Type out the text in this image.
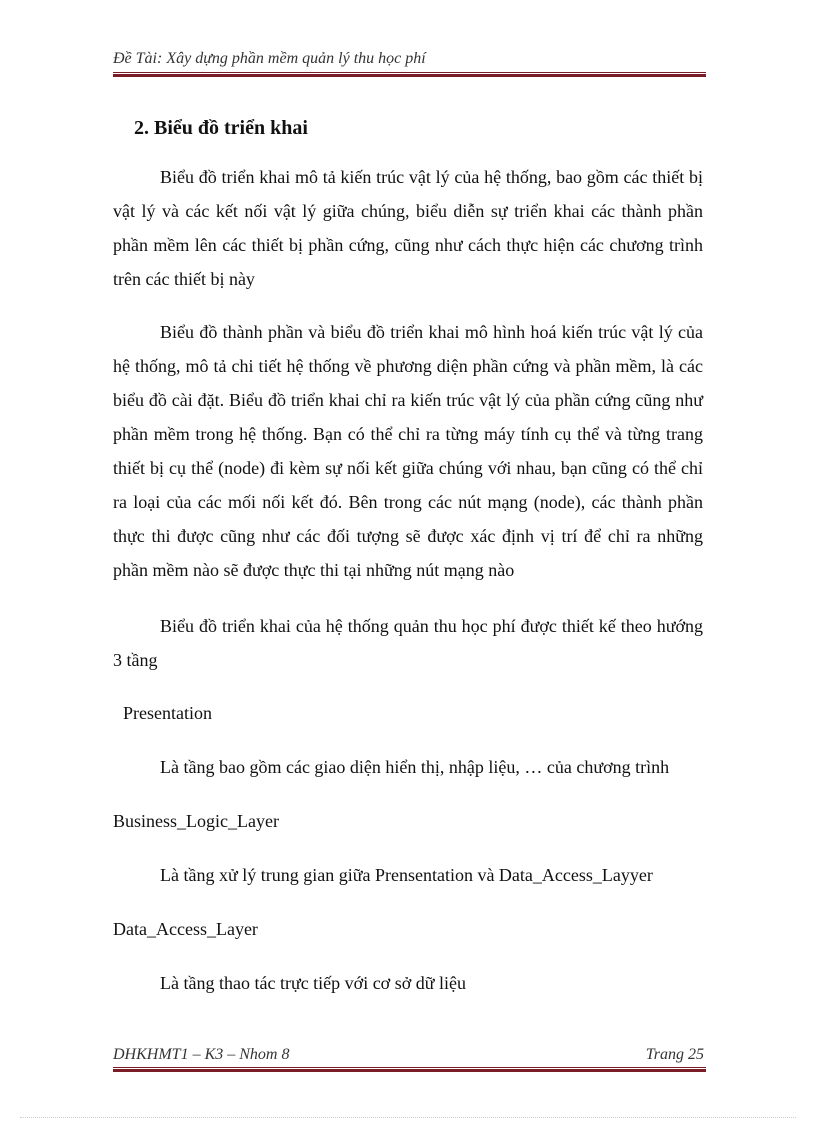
Đề Tài: Xây dựng phần mềm quản lý thu học phí
2. Biểu đồ triển khai

Biểu đồ triển khai mô tả kiến trúc vật lý của hệ thống, bao gồm các thiết bị vật lý và các kết nối vật lý giữa chúng, biểu diễn sự triển khai các thành phần phần mềm lên các thiết bị phần cứng, cũng như cách thực hiện các chương trình trên các thiết bị này

Biểu đồ thành phần và biểu đồ triển khai mô hình hoá kiến trúc vật lý của hệ thống, mô tả chi tiết hệ thống về phương diện phần cứng và phần mềm, là các biểu đồ cài đặt. Biểu đồ triển khai chỉ ra kiến trúc vật lý của phần cứng cũng như phần mềm trong hệ thống. Bạn có thể chỉ ra từng máy tính cụ thể và từng trang thiết bị cụ thể (node) đi kèm sự nối kết giữa chúng với nhau, bạn cũng có thể chỉ ra loại của các mối nối kết đó. Bên trong các nút mạng (node), các thành phần thực thi được cũng như các đối tượng sẽ được xác định vị trí để chỉ ra những phần mềm nào sẽ được thực thi tại những nút mạng nào

Biểu đồ triển khai của hệ thống quản thu học phí được thiết kế theo hướng 3 tầng

Presentation
Là tầng bao gồm các giao diện hiển thị, nhập liệu, … của chương trình
Business_Logic_Layer
Là tầng xử lý trung gian giữa Prensentation và Data_Access_Layyer
Data_Access_Layer
Là tầng thao tác trực tiếp với cơ sở dữ liệu
DHKHMT1 – K3 – Nhom 8	Trang 25
